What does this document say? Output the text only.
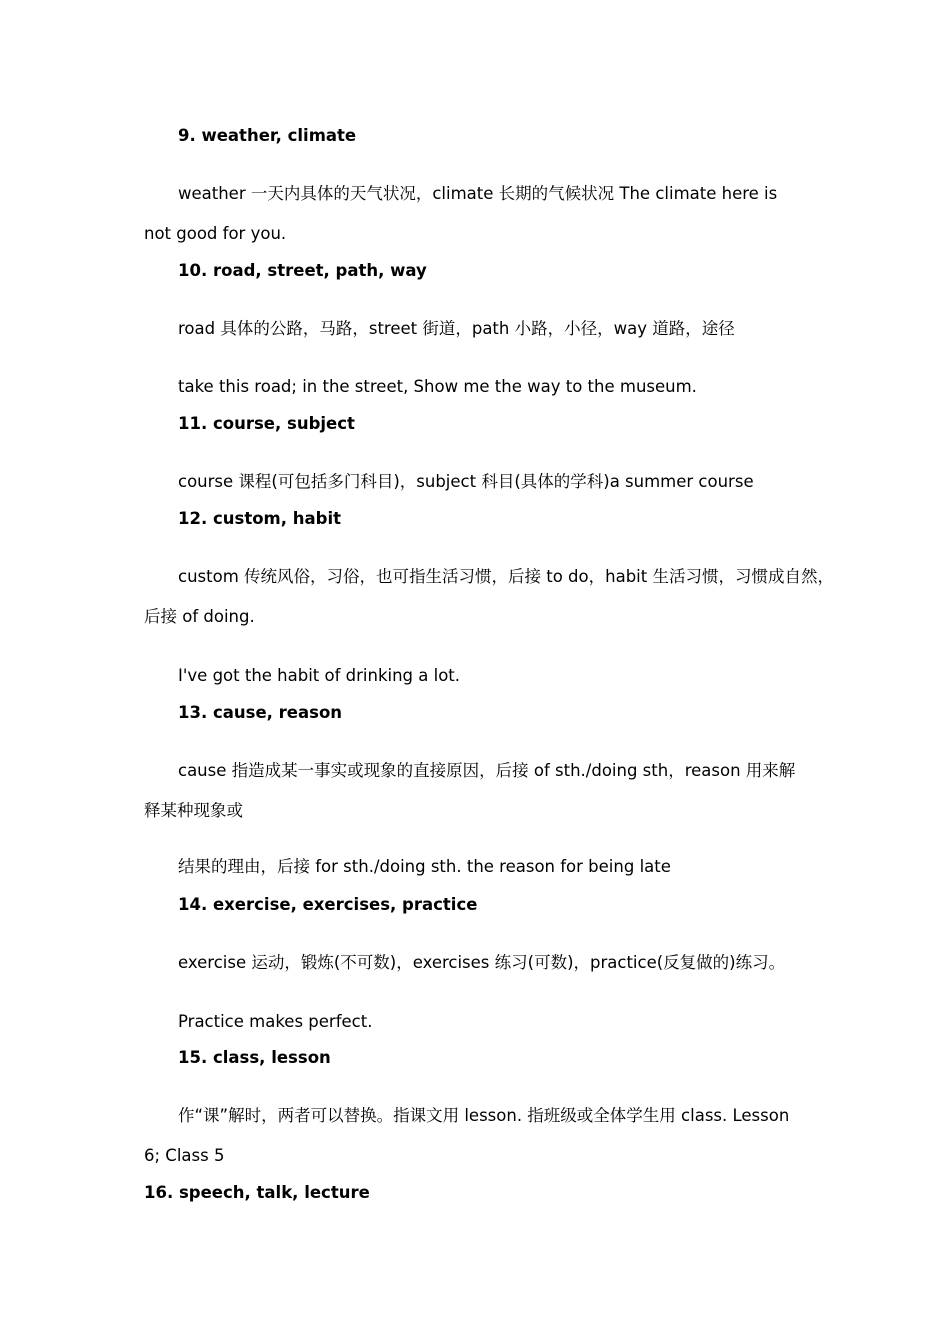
9. weather, climate
weather 一天内具体的天气状况，climate 长期的气候状况 The climate here is
not good for you.
10. road, street, path, way
road 具体的公路，马路，street 街道，path 小路，小径，way 道路，途径
take this road; in the street, Show me the way to the museum.
11. course, subject
course 课程(可包括多门科目)，subject 科目(具体的学科)a summer course
12. custom, habit
custom 传统风俗，习俗，也可指生活习惯，后接 to do，habit 生活习惯，习惯成自然，
后接 of doing.
I've got the habit of drinking a lot.
13. cause, reason
cause 指造成某一事实或现象的直接原因，后接 of sth./doing sth，reason 用来解
释某种现象或
结果的理由，后接 for sth./doing sth. the reason for being late
14. exercise, exercises, practice
exercise 运动，锻炼(不可数)，exercises 练习(可数)，practice(反复做的)练习。
Practice makes perfect.
15. class, lesson
作“课”解时，两者可以替换。指课文用 lesson. 指班级或全体学生用 class. Lesson
6; Class 5
16. speech, talk, lecture
